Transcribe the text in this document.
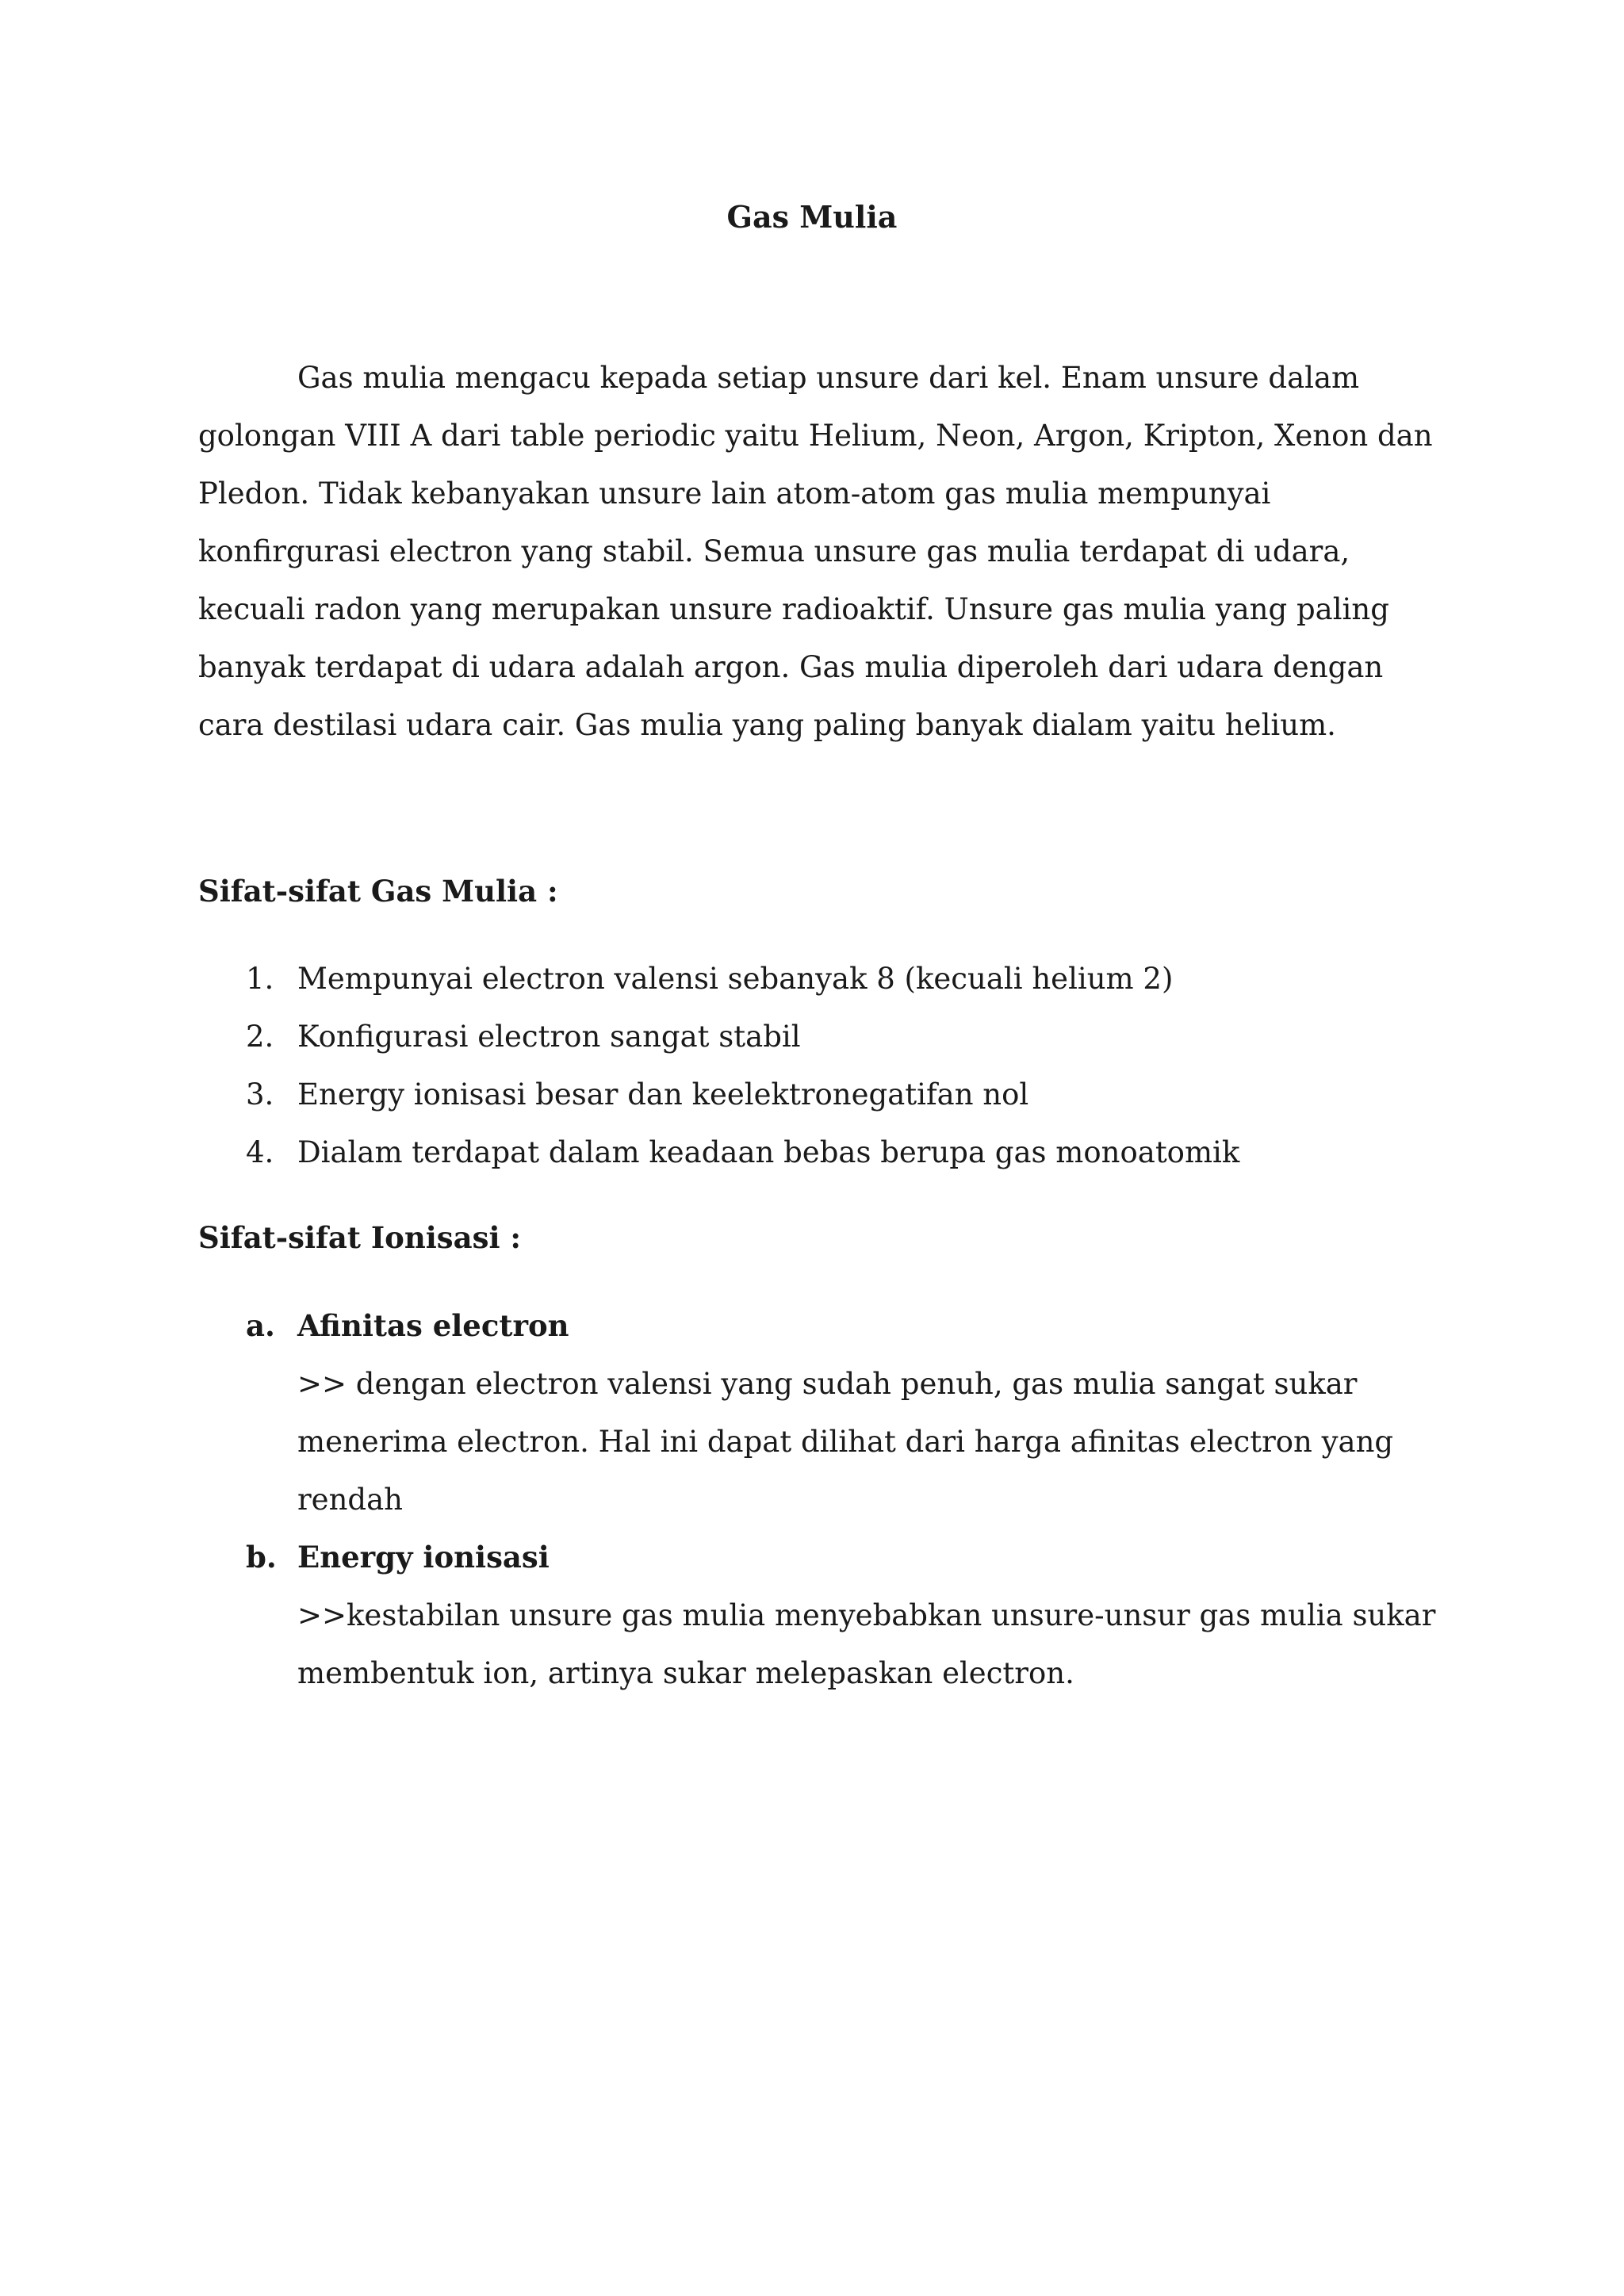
Gas Mulia

Gas mulia mengacu kepada setiap unsure dari kel. Enam unsure dalam golongan VIII A dari table periodic yaitu Helium, Neon, Argon, Kripton, Xenon dan Pledon. Tidak kebanyakan unsure lain atom-atom gas mulia mempunyai konfirgurasi electron yang stabil. Semua unsure gas mulia terdapat di udara, kecuali radon yang merupakan unsure radioaktif. Unsure gas mulia yang paling banyak terdapat di udara adalah argon. Gas mulia diperoleh dari udara dengan cara destilasi udara cair. Gas mulia yang paling banyak dialam yaitu helium.

Sifat-sifat Gas Mulia :

1. Mempunyai electron valensi sebanyak 8 (kecuali helium 2)
2. Konfigurasi electron sangat stabil
3. Energy ionisasi besar dan keelektronegatifan nol
4. Dialam terdapat dalam keadaan bebas berupa gas monoatomik

Sifat-sifat Ionisasi :

a. Afinitas electron
>> dengan electron valensi yang sudah penuh, gas mulia sangat sukar menerima electron. Hal ini dapat dilihat dari harga afinitas electron yang rendah
b. Energy ionisasi
>>kestabilan unsure gas mulia menyebabkan unsure-unsur gas mulia sukar membentuk ion, artinya sukar melepaskan electron.
